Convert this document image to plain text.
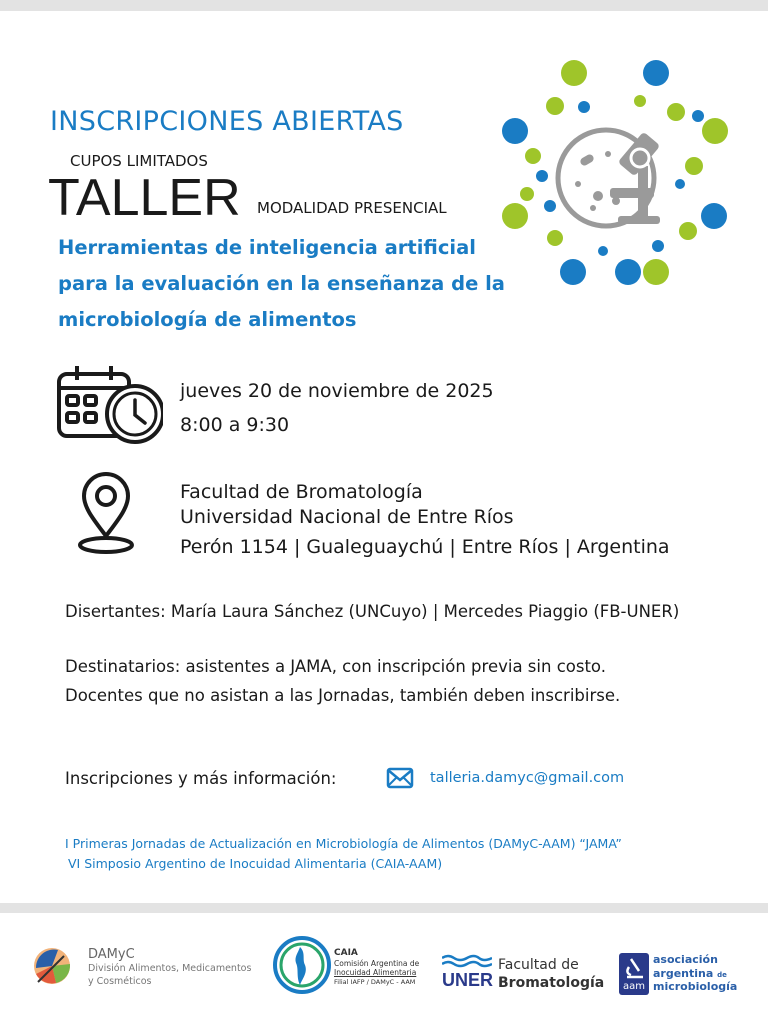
INSCRIPCIONES ABIERTAS
CUPOS LIMITADOS
TALLER MODALIDAD PRESENCIAL
Herramientas de inteligencia artificial
para la evaluación en la enseñanza de la
microbiología de alimentos
jueves 20 de noviembre de 2025
8:00 a 9:30
Facultad de Bromatología
Universidad Nacional de Entre Ríos
Perón 1154 | Gualeguaychú | Entre Ríos | Argentina
Disertantes: María Laura Sánchez (UNCuyo) | Mercedes Piaggio (FB-UNER)
Destinatarios: asistentes a JAMA, con inscripción previa sin costo.
Docentes que no asistan a las Jornadas, también deben inscribirse.
Inscripciones y más información:	talleria.damyc@gmail.com
I Primeras Jornadas de Actualización en Microbiología de Alimentos (DAMyC-AAM) “JAMA”
VI Simposio Argentino de Inocuidad Alimentaria (CAIA-AAM)
DAMyC
División Alimentos, Medicamentos
y Cosméticos
CAIA
Comisión Argentina de
Inocuidad Alimentaria
Filial IAFP / DAMyC - AAM UNER
Facultad de
Bromatología	aam
asociación
argentina de
microbiología
